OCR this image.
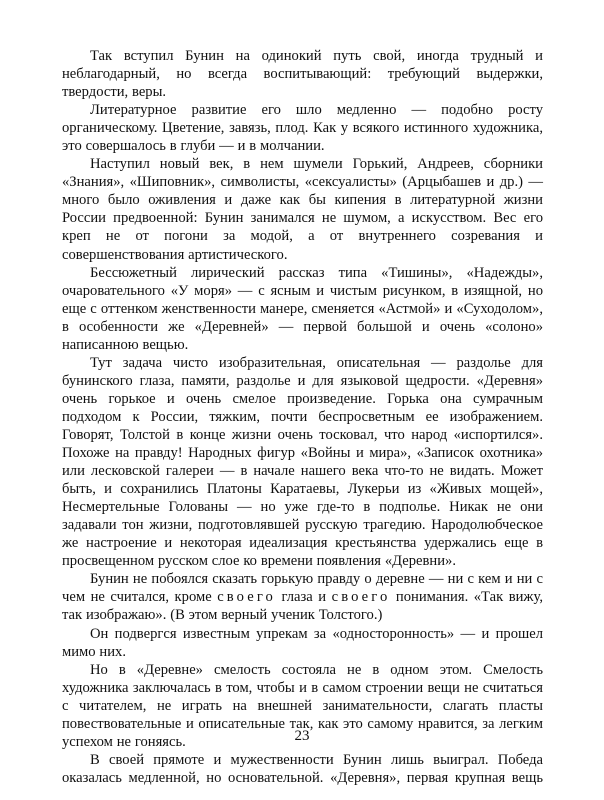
Так вступил Бунин на одинокий путь свой, иногда трудный и неблагодарный, но всегда воспитывающий: требующий выдержки, твердости, веры.

Литературное развитие его шло медленно — подобно росту органическому. Цветение, завязь, плод. Как у всякого истинного художника, это совершалось в глуби — и в молчании.

Наступил новый век, в нем шумели Горький, Андреев, сборники «Знания», «Шиповник», символисты, «сексуалисты» (Арцыбашев и др.) — много было оживления и даже как бы кипения в литературной жизни России предвоенной: Бунин занимался не шумом, а искусством. Вес его креп не от погони за модой, а от внутреннего созревания и совершенствования артистического.

Бессюжетный лирический рассказ типа «Тишины», «Надежды», очаровательного «У моря» — с ясным и чистым рисунком, в изящной, но еще с оттенком женственности манере, сменяется «Астмой» и «Суходолом», в особенности же «Деревней» — первой большой и очень «солоно» написанною вещью.

Тут задача чисто изобразительная, описательная — раздолье для бунинского глаза, памяти, раздолье и для языковой щедрости. «Деревня» очень горькое и очень смелое произведение. Горька она сумрачным подходом к России, тяжким, почти беспросветным ее изображением. Говорят, Толстой в конце жизни очень тосковал, что народ «испортился». Похоже на правду! Народных фигур «Войны и мира», «Записок охотника» или лесковской галереи — в начале нашего века что-то не видать. Может быть, и сохранились Платоны Каратаевы, Лукерьи из «Живых мощей», Несмертельные Голованы — но уже где-то в подполье. Никак не они задавали тон жизни, подготовлявшей русскую трагедию. Народолюбческое же настроение и некоторая идеализация крестьянства удержались еще в просвещенном русском слое ко времени появления «Деревни».

Бунин не побоялся сказать горькую правду о деревне — ни с кем и ни с чем не считался, кроме своего глаза и своего понимания. «Так вижу, так изображаю». (В этом верный ученик Толстого.)

Он подвергся известным упрекам за «односторонность» — и прошел мимо них.

Но в «Деревне» смелость состояла не в одном этом. Смелость художника заключалась в том, чтобы и в самом строении вещи не считаться с читателем, не играть на внешней занимательности, слагать пласты повествовательные и описательные так, как это самому нравится, за легким успехом не гоняясь.

В своей прямоте и мужественности Бунин лишь выиграл. Победа оказалась медленной, но основательной. «Деревня», первая крупная вещь

23
